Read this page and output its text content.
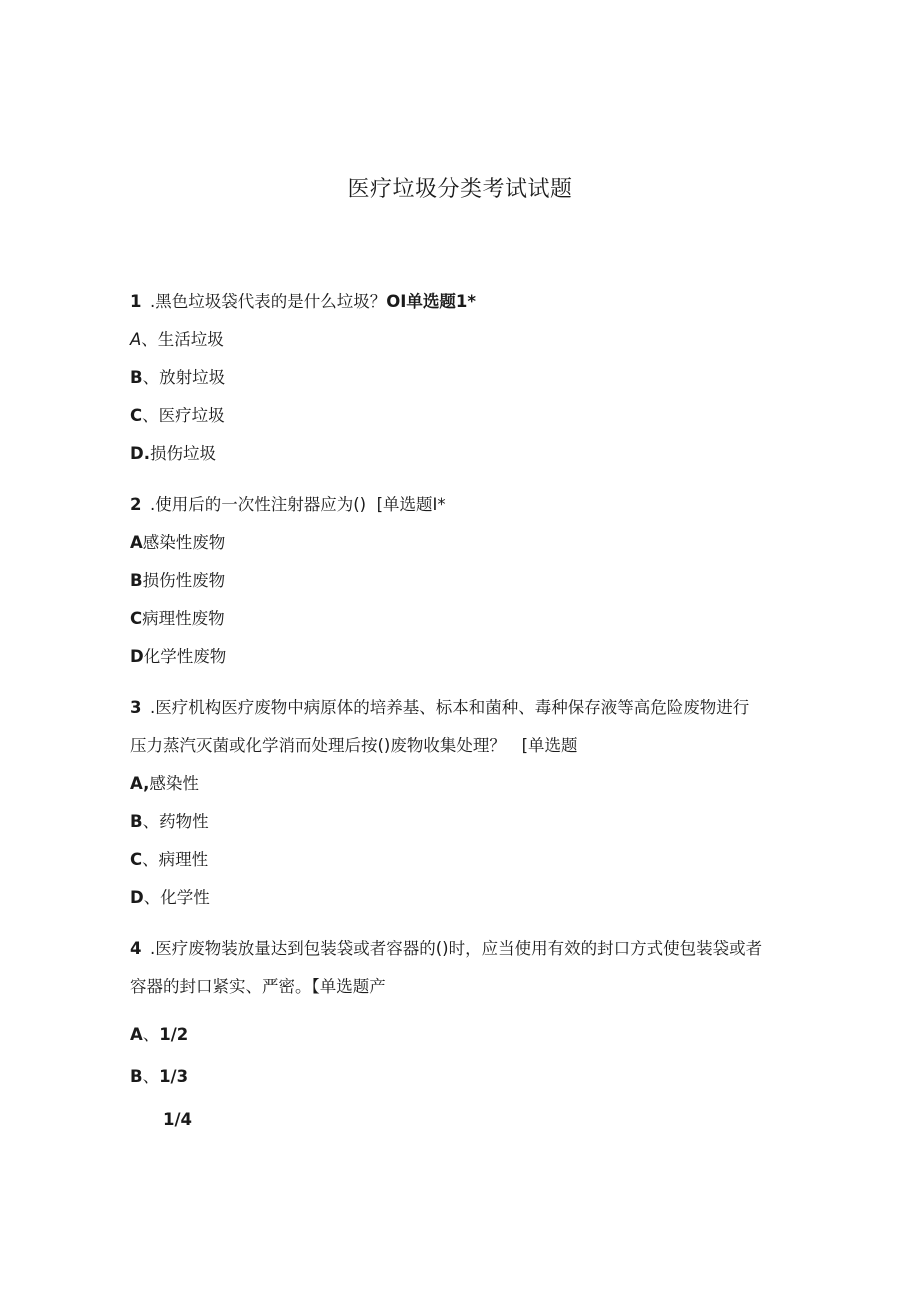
医疗垃圾分类考试试题
1 .黑色垃圾袋代表的是什么垃圾？OI单选题1*
A、生活垃圾
B、放射垃圾
C、医疗垃圾
D.损伤垃圾
2 .使用后的一次性注射器应为() [单选题I*
A感染性废物
B损伤性废物
C病理性废物
D化学性废物
3 .医疗机构医疗废物中病原体的培养基、标本和菌种、毒种保存液等高危险废物进行
压力蒸汽灭菌或化学消而处理后按()废物收集处理？ [单选题
A,感染性
B、药物性
C、病理性
D、化学性
4 .医疗废物装放量达到包装袋或者容器的()时，应当使用有效的封口方式使包装袋或者
容器的封口紧实、严密。【单选题产
A、1/2
B、1/3
1/4
